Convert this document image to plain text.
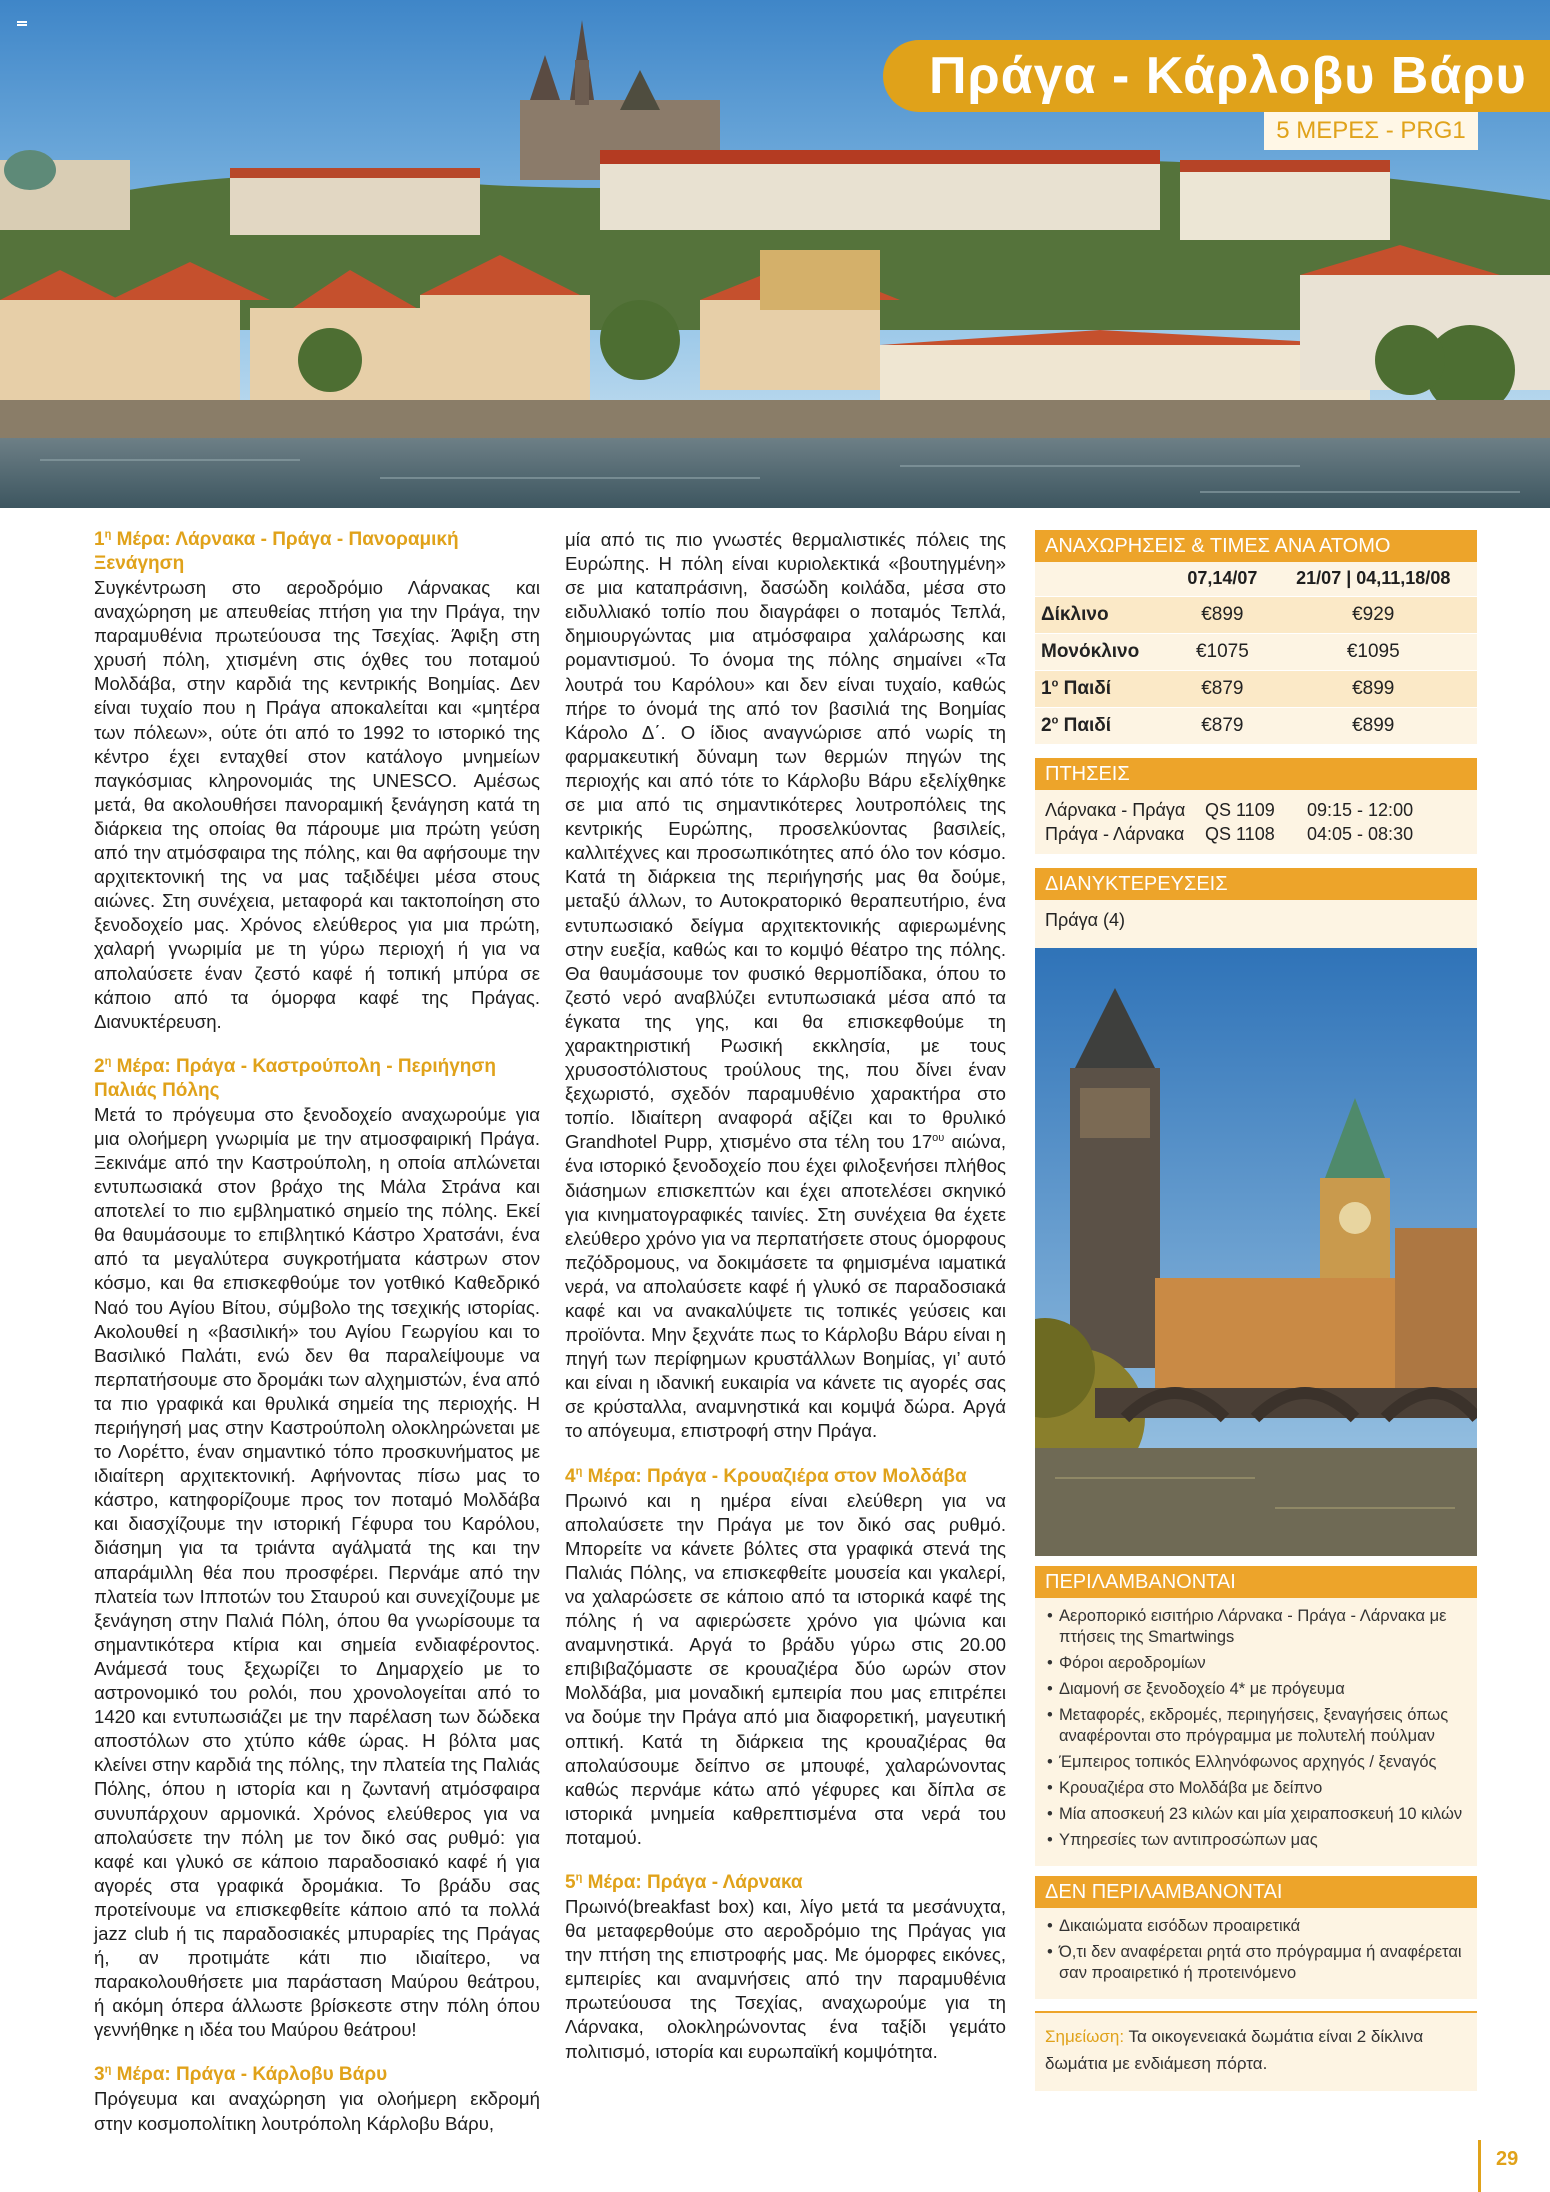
Πράγα - Κάρλοβυ Βάρυ
5 ΜΕΡΕΣ - PRG1
$1^\eta$ Μέρα: Λάρνακα - Πράγα - Πανοραμική Ξενάγηση
Συγκέντρωση στο αεροδρόμιο Λάρνακας και αναχώρηση με απευθείας πτήση για την Πράγα, την παραμυθένια πρωτεύουσα της Τσεχίας. Άφιξη στη χρυσή πόλη, χτισμένη στις όχθες του ποταμού Μολδάβα, στην καρδιά της κεντρικής Βοημίας. Δεν είναι τυχαίο που η Πράγα αποκαλείται και «μητέρα των πόλεων», ούτε ότι από το 1992 το ιστορικό της κέντρο έχει ενταχθεί στον κατάλογο μνημείων παγκόσμιας κληρονομιάς της UNESCO. Αμέσως μετά, θα ακολουθήσει πανοραμική ξενάγηση κατά τη διάρκεια της οποίας θα πάρουμε μια πρώτη γεύση από την ατμόσφαιρα της πόλης, και θα αφήσουμε την αρχιτεκτονική της να μας ταξιδέψει μέσα στους αιώνες. Στη συνέχεια, μεταφορά και τακτοποίηση στο ξενοδοχείο μας. Χρόνος ελεύθερος για μια πρώτη, χαλαρή γνωριμία με τη γύρω περιοχή ή για να απολαύσετε έναν ζεστό καφέ ή τοπική μπύρα σε κάποιο από τα όμορφα καφέ της Πράγας. Διανυκτέρευση.
$2^\eta$ Μέρα: Πράγα - Καστρούπολη - Περιήγηση Παλιάς Πόλης
Μετά το πρόγευμα στο ξενοδοχείο αναχωρούμε για μια ολοήμερη γνωριμία με την ατμοσφαιρική Πράγα. Ξεκινάμε από την Καστρούπολη, η οποία απλώνεται εντυπωσιακά στον βράχο της Μάλα Στράνα και αποτελεί το πιο εμβληματικό σημείο της πόλης. Εκεί θα θαυμάσουμε το επιβλητικό Κάστρο Χρατσάνι, ένα από τα μεγαλύτερα συγκροτήματα κάστρων στον κόσμο, και θα επισκεφθούμε τον γοτθικό Καθεδρικό Ναό του Αγίου Βίτου, σύμβολο της τσεχικής ιστορίας. Ακολουθεί η «βασιλική» του Αγίου Γεωργίου και το Βασιλικό Παλάτι, ενώ δεν θα παραλείψουμε να περπατήσουμε στο δρομάκι των αλχημιστών, ένα από τα πιο γραφικά και θρυλικά σημεία της περιοχής. Η περιήγησή μας στην Καστρούπολη ολοκληρώνεται με το Λορέττο, έναν σημαντικό τόπο προσκυνήματος με ιδιαίτερη αρχιτεκτονική. Αφήνοντας πίσω μας το κάστρο, κατηφορίζουμε προς τον ποταμό Μολδάβα και διασχίζουμε την ιστορική Γέφυρα του Καρόλου, διάσημη για τα τριάντα αγάλματά της και την απαράμιλλη θέα που προσφέρει. Περνάμε από την πλατεία των Ιπποτών του Σταυρού και συνεχίζουμε με ξενάγηση στην Παλιά Πόλη, όπου θα γνωρίσουμε τα σημαντικότερα κτίρια και σημεία ενδιαφέροντος. Ανάμεσά τους ξεχωρίζει το Δημαρχείο με το αστρονομικό του ρολόι, που χρονολογείται από το 1420 και εντυπωσιάζει με την παρέλαση των δώδεκα αποστόλων στο χτύπο κάθε ώρας. Η βόλτα μας κλείνει στην καρδιά της πόλης, την πλατεία της Παλιάς Πόλης, όπου η ιστορία και η ζωντανή ατμόσφαιρα συνυπάρχουν αρμονικά. Χρόνος ελεύθερος για να απολαύσετε την πόλη με τον δικό σας ρυθμό: για καφέ και γλυκό σε κάποιο παραδοσιακό καφέ ή για αγορές στα γραφικά δρομάκια. Το βράδυ σας προτείνουμε να επισκεφθείτε κάποιο από τα πολλά jazz club ή τις παραδοσιακές μπυραρίες της Πράγας ή, αν προτιμάτε κάτι πιο ιδιαίτερο, να παρακολουθήσετε μια παράσταση Μαύρου θεάτρου, ή ακόμη όπερα άλλωστε βρίσκεστε στην πόλη όπου γεννήθηκε η ιδέα του Μαύρου θεάτρου!
$3^\eta$ Μέρα: Πράγα - Κάρλοβυ Βάρυ
Πρόγευμα και αναχώρηση για ολοήμερη εκδρομή στην κοσμοπολίτικη λουτρόπολη Κάρλοβυ Βάρυ,
μία από τις πιο γνωστές θερμαλιστικές πόλεις της Ευρώπης. Η πόλη είναι κυριολεκτικά «βουτηγμένη» σε μια καταπράσινη, δασώδη κοιλάδα, μέσα στο ειδυλλιακό τοπίο που διαγράφει ο ποταμός Τεπλά, δημιουργώντας μια ατμόσφαιρα χαλάρωσης και ρομαντισμού. Το όνομα της πόλης σημαίνει «Τα λουτρά του Καρόλου» και δεν είναι τυχαίο, καθώς πήρε το όνομά της από τον βασιλιά της Βοημίας Κάρολο Δ΄. Ο ίδιος αναγνώρισε από νωρίς τη φαρμακευτική δύναμη των θερμών πηγών της περιοχής και από τότε το Κάρλοβυ Βάρυ εξελίχθηκε σε μια από τις σημαντικότερες λουτροπόλεις της κεντρικής Ευρώπης, προσελκύοντας βασιλείς, καλλιτέχνες και προσωπικότητες από όλο τον κόσμο. Κατά τη διάρκεια της περιήγησής μας θα δούμε, μεταξύ άλλων, το Αυτοκρατορικό θεραπευτήριο, ένα εντυπωσιακό δείγμα αρχιτεκτονικής αφιερωμένης στην ευεξία, καθώς και το κομψό θέατρο της πόλης. Θα θαυμάσουμε τον φυσικό θερμοπίδακα, όπου το ζεστό νερό αναβλύζει εντυπωσιακά μέσα από τα έγκατα της γης, και θα επισκεφθούμε τη χαρακτηριστική Ρωσική εκκλησία, με τους χρυσοστόλιστους τρούλους της, που δίνει έναν ξεχωριστό, σχεδόν παραμυθένιο χαρακτήρα στο τοπίο. Ιδιαίτερη αναφορά αξίζει και το θρυλικό Grandhotel Pupp, χτισμένο στα τέλη του $17^{o\upsilon}$ αιώνα, ένα ιστορικό ξενοδοχείο που έχει φιλοξενήσει πλήθος διάσημων επισκεπτών και έχει αποτελέσει σκηνικό για κινηματογραφικές ταινίες. Στη συνέχεια θα έχετε ελεύθερο χρόνο για να περπατήσετε στους όμορφους πεζόδρομους, να δοκιμάσετε τα φημισμένα ιαματικά νερά, να απολαύσετε καφέ ή γλυκό σε παραδοσιακά καφέ και να ανακαλύψετε τις τοπικές γεύσεις και προϊόντα. Μην ξεχνάτε πως το Κάρλοβυ Βάρυ είναι η πηγή των περίφημων κρυστάλλων Βοημίας, γι’ αυτό και είναι η ιδανική ευκαιρία να κάνετε τις αγορές σας σε κρύσταλλα, αναμνηστικά και κομψά δώρα. Αργά το απόγευμα, επιστροφή στην Πράγα.
$4^\eta$ Μέρα: Πράγα - Κρουαζιέρα στον Μολδάβα
Πρωινό και η ημέρα είναι ελεύθερη για να απολαύσετε την Πράγα με τον δικό σας ρυθμό. Μπορείτε να κάνετε βόλτες στα γραφικά στενά της Παλιάς Πόλης, να επισκεφθείτε μουσεία και γκαλερί, να χαλαρώσετε σε κάποιο από τα ιστορικά καφέ της πόλης ή να αφιερώσετε χρόνο για ψώνια και αναμνηστικά. Αργά το βράδυ γύρω στις 20.00 επιβιβαζόμαστε σε κρουαζιέρα δύο ωρών στον Μολδάβα, μια μοναδική εμπειρία που μας επιτρέπει να δούμε την Πράγα από μια διαφορετική, μαγευτική οπτική. Κατά τη διάρκεια της κρουαζιέρας θα απολαύσουμε δείπνο σε μπουφέ, χαλαρώνοντας καθώς περνάμε κάτω από γέφυρες και δίπλα σε ιστορικά μνημεία καθρεπτισμένα στα νερά του ποταμού.
$5^\eta$ Μέρα: Πράγα - Λάρνακα
Πρωινό(breakfast box) και, λίγο μετά τα μεσάνυχτα, θα μεταφερθούμε στο αεροδρόμιο της Πράγας για την πτήση της επιστροφής μας. Με όμορφες εικόνες, εμπειρίες και αναμνήσεις από την παραμυθένια πρωτεύουσα της Τσεχίας, αναχωρούμε για τη Λάρνακα, ολοκληρώνοντας ένα ταξίδι γεμάτο πολιτισμό, ιστορία και ευρωπαϊκή κομψότητα.
ΑΝΑΧΩΡΗΣΕΙΣ & ΤΙΜΕΣ ΑΝΑ ΑΤΟΜΟ
	07,14/07	21/07 | 04,11,18/08
Δίκλινο	€899	€929
Μονόκλινο	€1075	€1095
$1^o$ Παιδί	€879	€899
$2^o$ Παιδί	€879	€899
ΠΤΗΣΕΙΣ
Λάρνακα - Πράγα	QS 1109	09:15 - 12:00
Πράγα - Λάρνακα	QS 1108	04:05 - 08:30
ΔΙΑΝΥΚΤΕΡΕΥΣΕΙΣ
Πράγα (4)
ΠΕΡΙΛΑΜΒΑΝΟΝΤΑΙ
• Αεροπορικό εισιτήριο Λάρνακα - Πράγα - Λάρνακα με πτήσεις της Smartwings
• Φόροι αεροδρομίων
• Διαμονή σε ξενοδοχείο 4* με πρόγευμα
• Μεταφορές, εκδρομές, περιηγήσεις, ξεναγήσεις όπως αναφέρονται στο πρόγραμμα με πολυτελή πούλμαν
• Έμπειρος τοπικός Ελληνόφωνος αρχηγός / ξεναγός
• Κρουαζιέρα στο Μολδάβα με δείπνο
• Μία αποσκευή 23 κιλών και μία χειραποσκευή 10 κιλών
• Υπηρεσίες των αντιπροσώπων μας
ΔΕΝ ΠΕΡΙΛΑΜΒΑΝΟΝΤΑΙ
• Δικαιώματα εισόδων προαιρετικά
• Ό,τι δεν αναφέρεται ρητά στο πρόγραμμα ή αναφέρεται σαν προαιρετικό ή προτεινόμενο
Σημείωση: Τα οικογενειακά δωμάτια είναι 2 δίκλινα δωμάτια με ενδιάμεση πόρτα.
29
